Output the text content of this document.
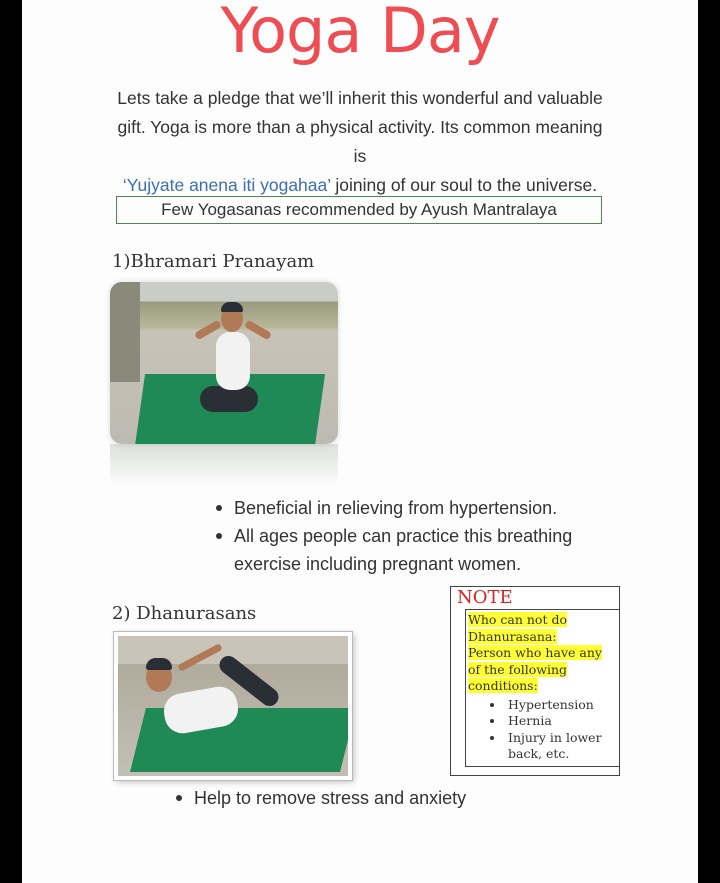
Yoga Day
Lets take a pledge that we’ll inherit this wonderful and valuable
gift. Yoga is more than a physical activity. Its common meaning
is
‘Yujyate anena iti yogahaa’ joining of our soul to the universe.
Few Yogasanas recommended by Ayush Mantralaya
1)Bhramari Pranayam
Beneficial in relieving from hypertension.
All ages people can practice this breathing exercise including pregnant women.
2) Dhanurasans
Help to remove stress and anxiety
NOTE
Who can not do
Dhanurasana:
Person who have any
of the following
conditions:
Hypertension
Hernia
Injury in lower back, etc.
